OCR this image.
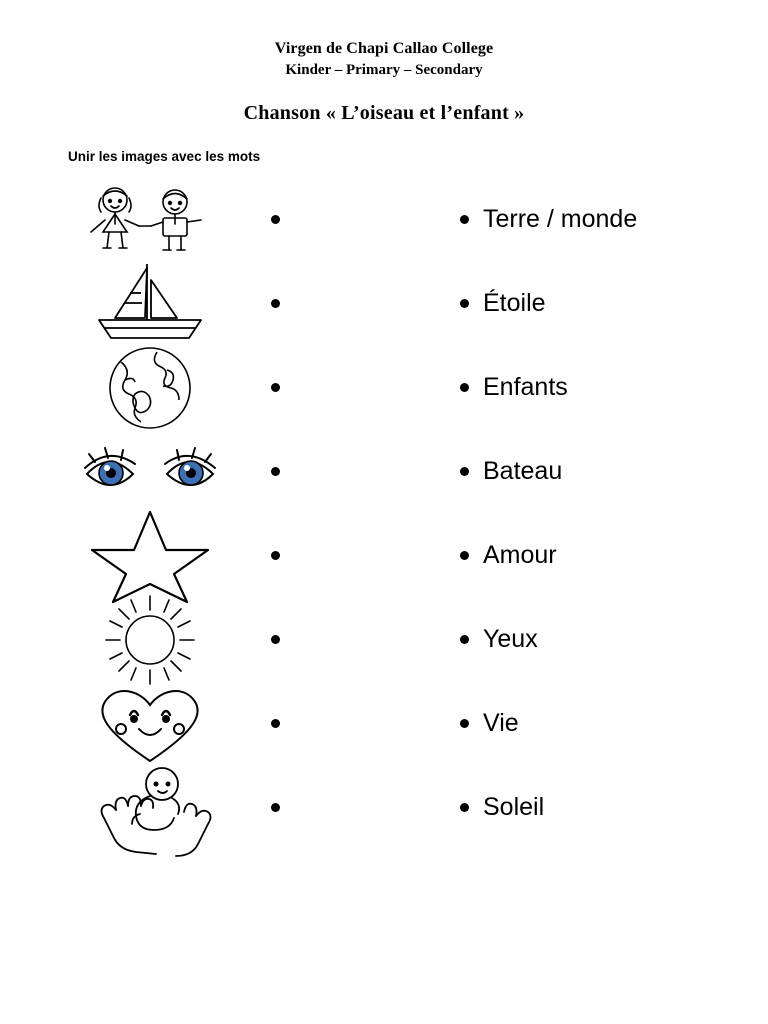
Virgen de Chapi Callao College
Kinder – Primary – Secondary
Chanson « L’oiseau et l’enfant »
Unir les images avec les mots
Terre / monde
Étoile
Enfants
Bateau
Amour
Yeux
Vie
Soleil
